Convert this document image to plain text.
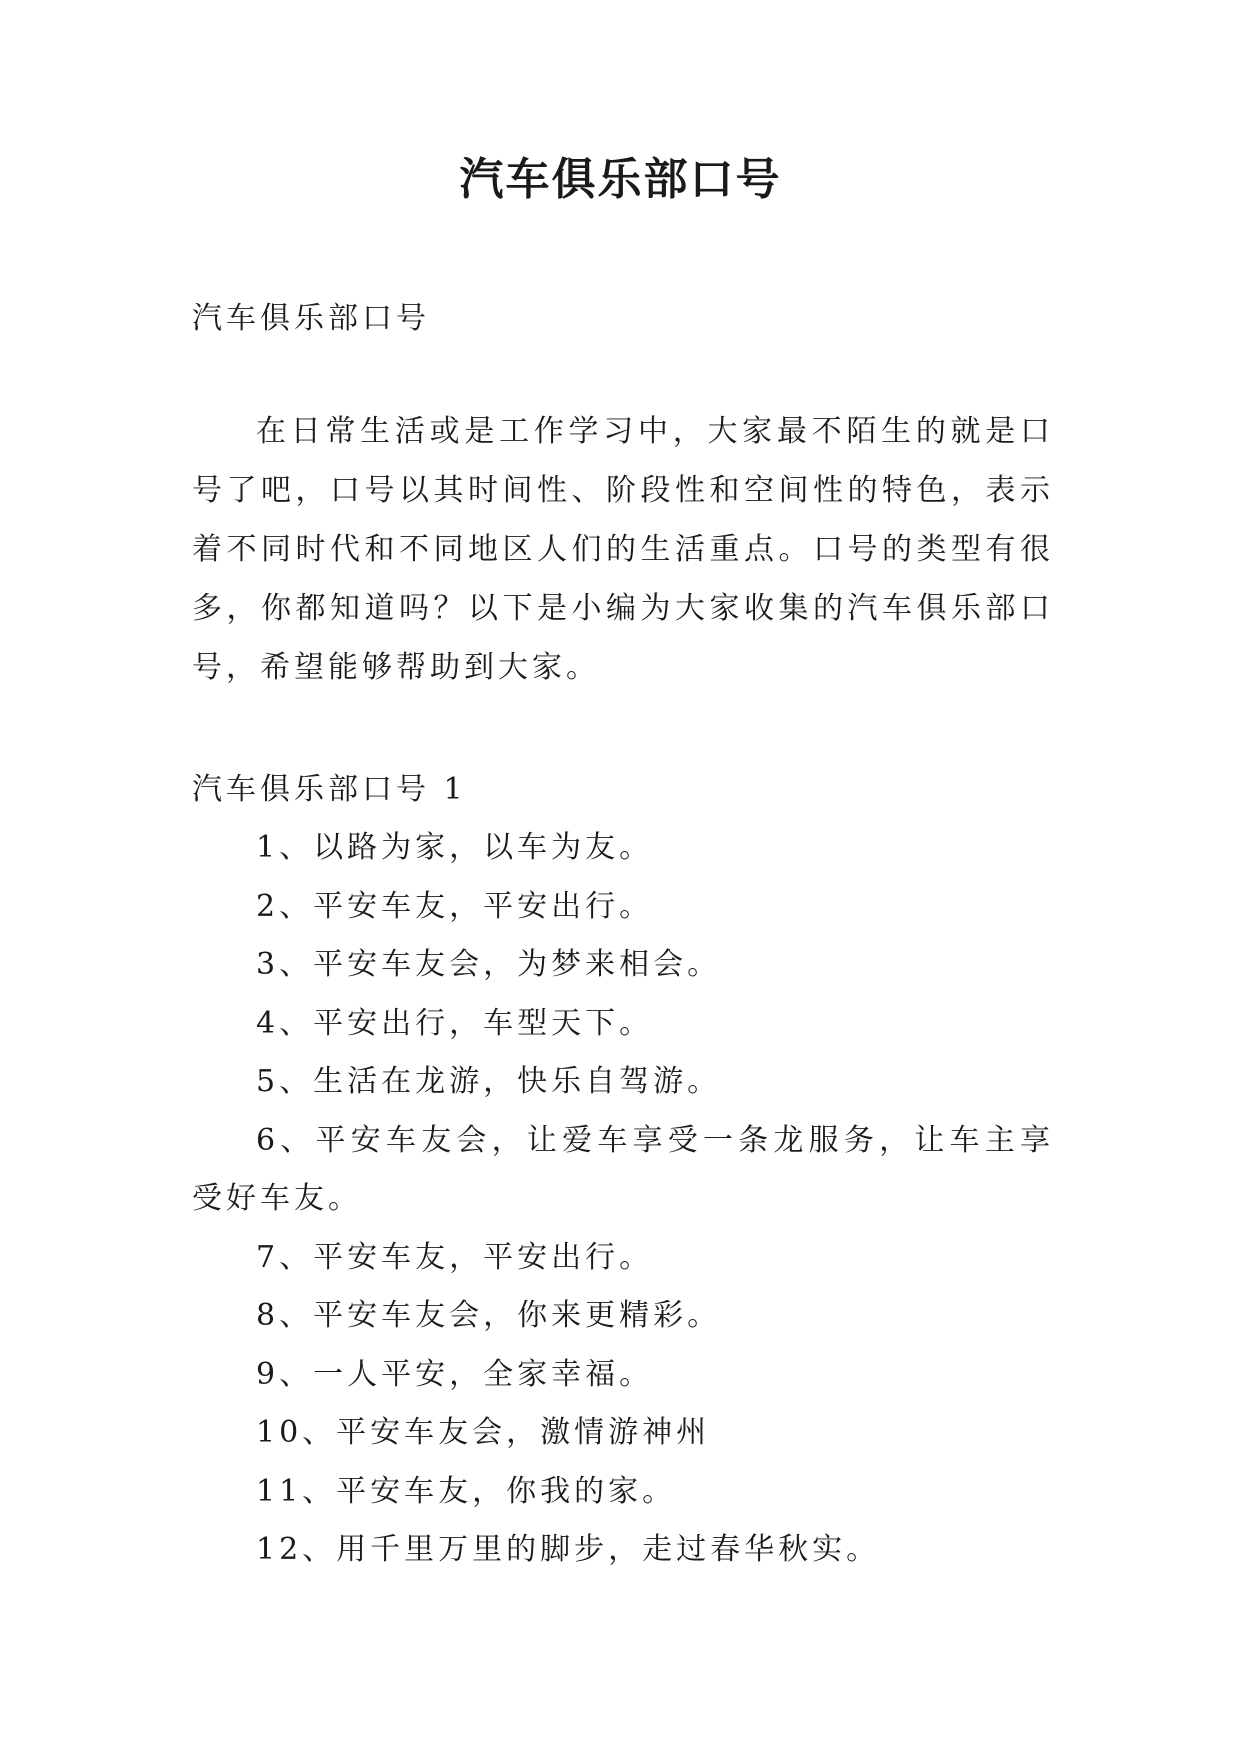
汽车俱乐部口号

汽车俱乐部口号

在日常生活或是工作学习中，大家最不陌生的就是口号了吧，口号以其时间性、阶段性和空间性的特色，表示着不同时代和不同地区人们的生活重点。口号的类型有很多，你都知道吗？以下是小编为大家收集的汽车俱乐部口号，希望能够帮助到大家。

汽车俱乐部口号 1

1、以路为家，以车为友。
2、平安车友，平安出行。
3、平安车友会，为梦来相会。
4、平安出行，车型天下。
5、生活在龙游，快乐自驾游。
6、平安车友会，让爱车享受一条龙服务，让车主享受好车友。
7、平安车友，平安出行。
8、平安车友会，你来更精彩。
9、一人平安，全家幸福。
10、平安车友会，激情游神州
11、平安车友，你我的家。
12、用千里万里的脚步，走过春华秋实。
